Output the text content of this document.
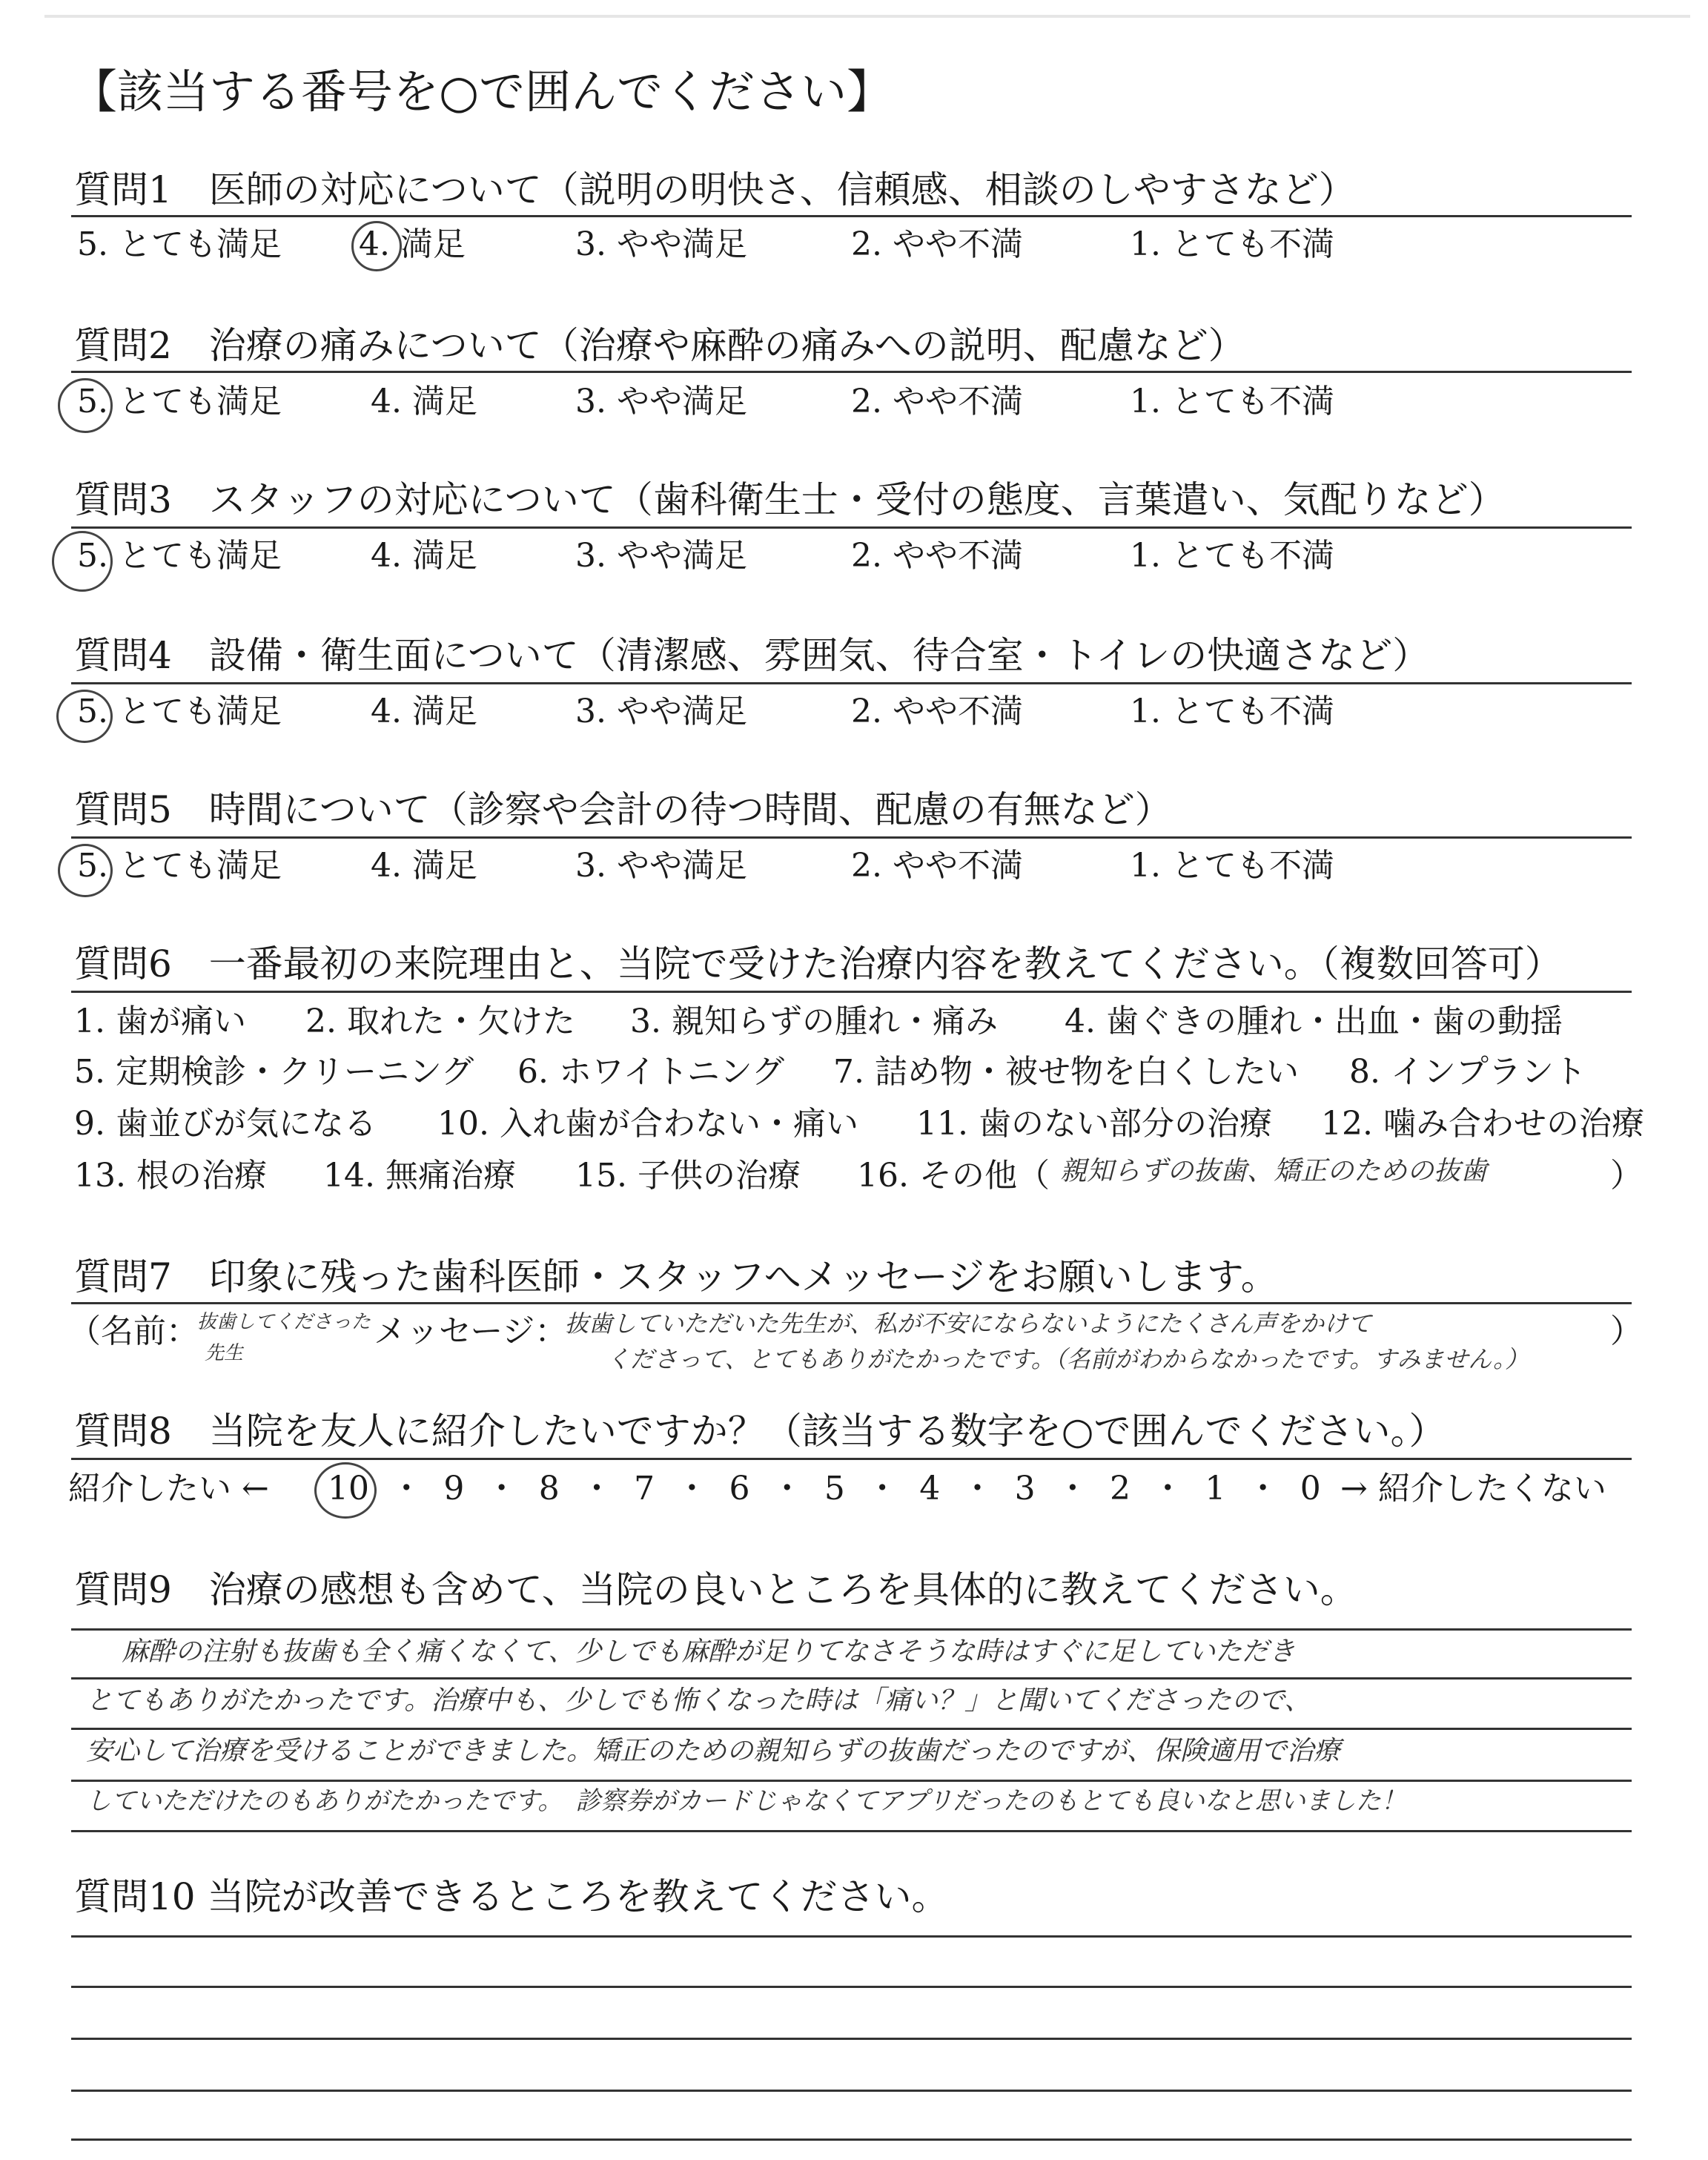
【該当する番号を○で囲んでください】
質問1　医師の対応について（説明の明快さ、信頼感、相談のしやすさなど）
5. とても満足 4. 満足	3. やや満足	2. やや不満	1. とても不満
質問2　治療の痛みについて（治療や麻酔の痛みへの説明、配慮など）
5. とても満足	4. 満足	3. やや満足	2. やや不満	1. とても不満
質問3　スタッフの対応について（歯科衛生士・受付の態度、言葉遣い、気配りなど）
5. とても満足	4. 満足	3. やや満足	2. やや不満	1. とても不満
質問4　設備・衛生面について（清潔感、雰囲気、待合室・トイレの快適さなど）
5. とても満足	4. 満足	3. やや満足	2. やや不満	1. とても不満
質問5　時間について（診察や会計の待つ時間、配慮の有無など）
5. とても満足	4. 満足	3. やや満足	2. やや不満	1. とても不満
質問6　一番最初の来院理由と、当院で受けた治療内容を教えてください。（複数回答可）
1. 歯が痛い 2. 取れた・欠けた 3. 親知らずの腫れ・痛み 4. 歯ぐきの腫れ・出血・歯の動揺
5. 定期検診・クリーニング 6. ホワイトニング 7. 詰め物・被せ物を白くしたい 8. インプラント
9. 歯並びが気になる 10. 入れ歯が合わない・痛い 11. 歯のない部分の治療 12. 噛み合わせの治療
13. 根の治療 14. 無痛治療 15. 子供の治療 16. その他（ 親知らずの抜歯、矯正のための抜歯	）
質問7　印象に残った歯科医師・スタッフへメッセージをお願いします。
（名前：
抜歯してくださった
先生
メッセージ：
抜歯していただいた先生が、私が不安にならないようにたくさん声をかけて
くださって、とてもありがたかったです。（名前がわからなかったです。すみません。）
）
質問8　当院を友人に紹介したいですか？（該当する数字を○で囲んでください。）
紹介したい ← 10 ・ 9 ・ 8 ・ 7 ・ 6 ・ 5 ・ 4 ・ 3 ・ 2 ・ 1 ・ 0 → 紹介したくない
質問9　治療の感想も含めて、当院の良いところを具体的に教えてください。
麻酔の注射も抜歯も全く痛くなくて、少しでも麻酔が足りてなさそうな時はすぐに足していただき
とてもありがたかったです。治療中も、少しでも怖くなった時は「痛い？」と聞いてくださったので、
安心して治療を受けることができました。矯正のための親知らずの抜歯だったのですが、保険適用で治療
していただけたのもありがたかったです。　診察券がカードじゃなくてアプリだったのもとても良いなと思いました！
質問10 当院が改善できるところを教えてください。
